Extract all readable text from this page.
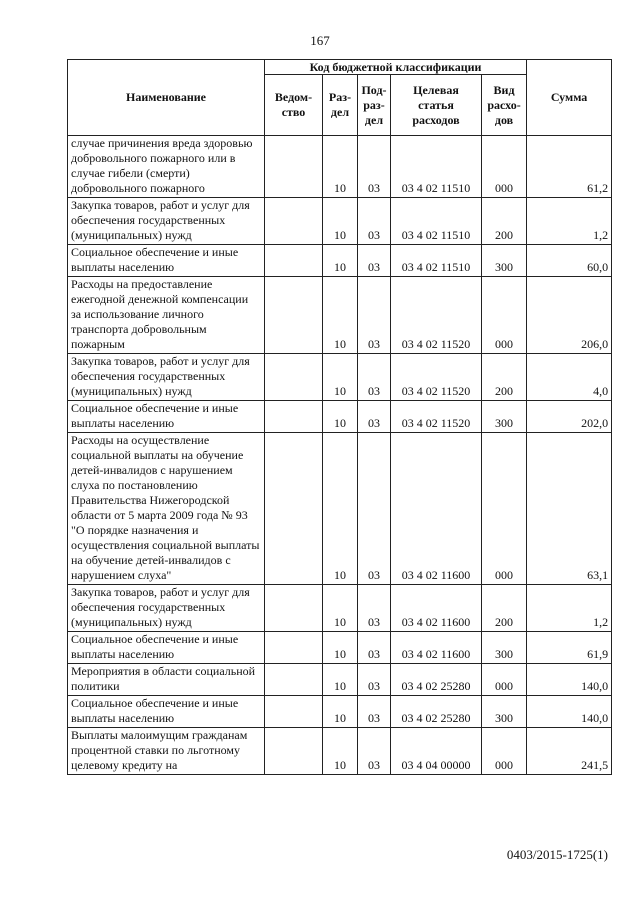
167
Наименование	Код бюджетной классификации					Сумма
	Ведом-ство	Раз-дел	Под-раз-дел	Целевая статья расходов	Вид расхо-дов	
случае причинения вреда здоровью добровольного пожарного или в случае гибели (смерти) добровольного пожарного		10	03	03 4 02 11510	000	61,2
Закупка товаров, работ и услуг для обеспечения государственных (муниципальных) нужд		10	03	03 4 02 11510	200	1,2
Социальное обеспечение и иные выплаты населению		10	03	03 4 02 11510	300	60,0
Расходы на предоставление ежегодной денежной компенсации за использование личного транспорта добровольным пожарным		10	03	03 4 02 11520	000	206,0
Закупка товаров, работ и услуг для обеспечения государственных (муниципальных) нужд		10	03	03 4 02 11520	200	4,0
Социальное обеспечение и иные выплаты населению		10	03	03 4 02 11520	300	202,0
Расходы на осуществление социальной выплаты на обучение детей-инвалидов с нарушением слуха по постановлению Правительства Нижегородской области от 5 марта 2009 года № 93 "О порядке назначения и осуществления социальной выплаты на обучение детей-инвалидов с нарушением слуха"		10	03	03 4 02 11600	000	63,1
Закупка товаров, работ и услуг для обеспечения государственных (муниципальных) нужд		10	03	03 4 02 11600	200	1,2
Социальное обеспечение и иные выплаты населению		10	03	03 4 02 11600	300	61,9
Мероприятия в области социальной политики		10	03	03 4 02 25280	000	140,0
Социальное обеспечение и иные выплаты населению		10	03	03 4 02 25280	300	140,0
Выплаты малоимущим гражданам процентной ставки по льготному целевому кредиту на		10	03	03 4 04 00000	000	241,5
0403/2015-1725(1)
